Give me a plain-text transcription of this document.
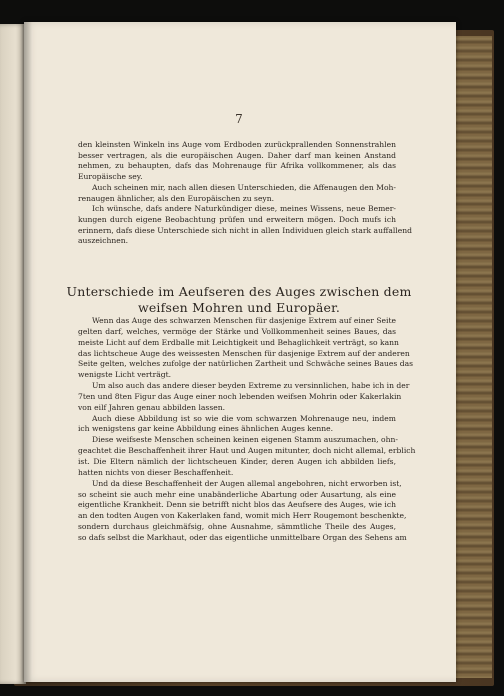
7
den kleinsten Winkeln ins Auge vom Erdboden zurückprallenden Sonnenstrahlen
besser vertragen, als die europäischen Augen. Daher darf man keinen Anstand
nehmen, zu behaupten, dafs das Mohrenauge für Afrika vollkommener, als das
Europäische sey.
Auch scheinen mir, nach allen diesen Unterschieden, die Affenaugen den Moh-
renaugen ähnlicher, als den Europäischen zu seyn.
Ich wünsche, dafs andere Naturkündiger diese, meines Wissens, neue Bemer-
kungen durch eigene Beobachtung prüfen und erweitern mögen. Doch mufs ich
erinnern, dafs diese Unterschiede sich nicht in allen Individuen gleich stark auffallend
auszeichnen.
Unterschiede im Aeufseren des Auges zwischen dem
weifsen Mohren und Europäer.
Wenn das Auge des schwarzen Menschen für dasjenige Extrem auf einer Seite
gelten darf, welches, vermöge der Stärke und Vollkommenheit seines Baues, das
meiste Licht auf dem Erdballe mit Leichtigkeit und Behaglichkeit verträgt, so kann
das lichtscheue Auge des weissesten Menschen für dasjenige Extrem auf der anderen
Seite gelten, welches zufolge der natürlichen Zartheit und Schwäche seines Baues das
wenigste Licht verträgt.
Um also auch das andere dieser beyden Extreme zu versinnlichen, habe ich in der
7ten und 8ten Figur das Auge einer noch lebenden weifsen Mohrin oder Kakerlakin
von eilf Jahren genau abbilden lassen.
Auch diese Abbildung ist so wie die vom schwarzen Mohrenauge neu, indem
ich wenigstens gar keine Abbildung eines ähnlichen Auges kenne.
Diese weifseste Menschen scheinen keinen eigenen Stamm auszumachen, ohn-
geachtet die Beschaffenheit ihrer Haut und Augen mitunter, doch nicht allemal, erblich
ist. Die Eltern nämlich der lichtscheuen Kinder, deren Augen ich abbilden liefs,
hatten nichts von dieser Beschaffenheit.
Und da diese Beschaffenheit der Augen allemal angebohren, nicht erworben ist,
so scheint sie auch mehr eine unabänderliche Abartung oder Ausartung, als eine
eigentliche Krankheit. Denn sie betrifft nicht blos das Aeufsere des Auges, wie ich
an den todten Augen von Kakerlaken fand, womit mich Herr Rougemont beschenkte,
sondern durchaus gleichmäfsig, ohne Ausnahme, sämmtliche Theile des Auges,
so dafs selbst die Markhaut, oder das eigentliche unmittelbare Organ des Sehens am
